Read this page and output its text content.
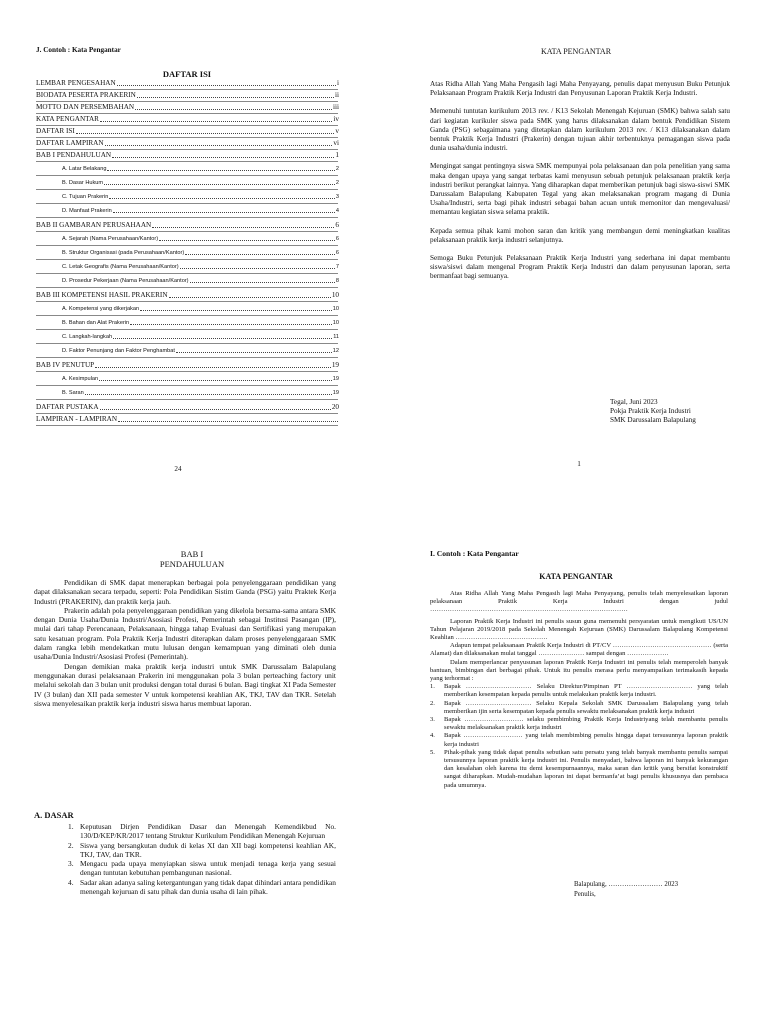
J. Contoh : Kata Pengantar
DAFTAR ISI
LEMBAR PENGESAHAN	i
BIODATA PESERTA PRAKERIN	ii
MOTTO DAN PERSEMBAHAN	iii
KATA PENGANTAR	iv
DAFTAR ISI	v
DAFTAR LAMPIRAN	vi
BAB I PENDAHULUAN	1
A. Latar Belakang	2
B. Dasar Hukum	2
C. Tujuan Prakerin	3
D. Manfaat Prakerin	4
BAB II GAMBARAN PERUSAHAAN	6
A. Sejarah (Nama Perusahaan/Kantor)	6
B. Struktur Organisasi (pada Perusahaan/Kantor)	6
C. Letak Geografis (Nama Perusahaan/Kantor)	7
D. Prosedur Pekerjaan (Nama Perusahaan/Kantor)	8
BAB III KOMPETENSI HASIL PRAKERIN	10
A. Kompetensi yang dikerjakan	10
B. Bahan dan Alat Prakerin	10
C. Langkah-langkah	11
D. Faktor Penunjang dan Faktor Penghambat	12
BAB IV PENUTUP	19
A. Kesimpulan	19
B. Saran	19
DAFTAR PUSTAKA	20
LAMPIRAN - LAMPIRAN
24
KATA PENGANTAR

Atas Ridha Allah Yang Maha Pengasih lagi Maha Penyayang, penulis dapat menyusun Buku Petunjuk Pelaksanaan Program Praktik Kerja Industri dan Penyusunan Laporan Praktik Kerja Industri.

Memenuhi tuntutan kurikulum 2013 rev. / K13 Sekolah Menengah Kejuruan (SMK) bahwa salah satu dari kegiatan kurikuler siswa pada SMK yang harus dilaksanakan dalam bentuk Pendidikan Sistem Ganda (PSG) sebagaimana yang ditetapkan dalam kurikulum 2013 rev. / K13 dilaksanakan dalam bentuk Praktik Kerja Industri (Prakerin) dengan tujuan akhir terbentuknya pemagangan siswa pada dunia usaha/dunia industri.

Mengingat sangat pentingnya siswa SMK mempunyai pola pelaksanaan dan pola penelitian yang sama maka dengan upaya yang sangat terbatas kami menyusun sebuah petunjuk pelaksanaan praktik kerja industri berikut perangkat lainnya. Yang diharapkan dapat memberikan petunjuk bagi siswa-siswi SMK Darussalam Balapulang Kabupaten Tegal yang akan melaksanakan program magang di Dunia Usaha/Industri, serta bagi pihak industri sebagai bahan acuan untuk memonitor dan mengevaluasi/ memantau kegiatan siswa selama praktik.

Kepada semua pihak kami mohon saran dan kritik yang membangun demi meningkatkan kualitas pelaksanaan praktik kerja industri selanjutnya.

Semoga Buku Petunjuk Pelaksanaan Praktik Kerja Industri yang sederhana ini dapat membantu siswa/siswi dalam mengenal Program Praktik Kerja Industri dan dalam penyusunan laporan, serta bermanfaat bagi semuanya.

Tegal, Juni 2023
Pokja Praktik Kerja Industri
SMK Darussalam Balapulang
1
BAB I
PENDAHULUAN

Pendidikan di SMK dapat menerapkan berbagai pola penyelenggaraan pendidikan yang dapat dilaksanakan secara terpadu, seperti: Pola Pendidikan Sistim Ganda (PSG) yaitu Praktek Kerja Industri (PRAKERIN), dan praktik kerja jauh.

Prakerin adalah pola penyelenggaraan pendidikan yang dikelola bersama-sama antara SMK dengan Dunia Usaha/Dunia Industri/Asosiasi Profesi, Pemerintah sebagai Institusi Pasangan (IP), mulai dari tahap Perencanaan, Pelaksanaan, hingga tahap Evaluasi dan Sertifikasi yang merupakan satu kesatuan program. Pola Praktik Kerja Industri diterapkan dalam proses penyelenggaraan SMK dalam rangka lebih mendekatkan mutu lulusan dengan kemampuan yang diminati oleh dunia usaha/Dunia Industri/Asosiasi Profesi (Pemerintah).

Dengan demikian maka praktik kerja industri untuk SMK Darussalam Balapulang menggunakan durasi pelaksanaan Prakerin ini menggunakan pola 3 bulan perteaching factory unit melalui sekolah dan 3 bulan unit produksi dengan total durasi 6 bulan. Bagi tingkat XI Pada Semester IV (3 bulan) dan XII pada semester V untuk kompetensi keahlian AK, TKJ, TAV dan TKR. Setelah siswa menyelesaikan praktik kerja industri siswa harus membuat laporan.

A. DASAR
1. Keputusan Dirjen Pendidikan Dasar dan Menengah Kemendikbud No. 130/D/KEP/KR/2017 tentang Struktur Kurikulum Pendidikan Menengah Kejuruan
2. Siswa yang bersangkutan duduk di kelas XI dan XII bagi kompetensi keahlian AK, TKJ, TAV, dan TKR.
3. Mengacu pada upaya menyiapkan siswa untuk menjadi tenaga kerja yang sesuai dengan tuntutan kebutuhan pembangunan nasional.
4. Sadar akan adanya saling ketergantungan yang tidak dapat dihindari antara pendidikan menengah kejuruan di satu pihak dan dunia usaha di lain pihak.
I. Contoh : Kata Pengantar
KATA PENGANTAR

Atas Ridha Allah Yang Maha Pengasih lagi Maha Penyayang, penulis telah menyelesaikan laporan pelaksanaan Praktik Kerja Industri dengan judul ………………………………………………………………………………

Laporan Praktik Kerja Industri ini penulis susun guna memenuhi persyaratan untuk mengikuti US/UN Tahun Pelajaran 2019/2018 pada Sekolah Menengah Kejuruan (SMK) Darussalam Balapulang Kompetensi Keahlian ……………………………………

Adapun tempat pelaksanaan Praktik Kerja Industri di PT/CV ……………………………………… (serta Alamat) dan dilaksanakan mulai tanggal ………………… sampai dengan ……………….

Dalam memperlancar penyusunan laporan Praktik Kerja Industri ini penulis telah memperoleh banyak bantuan, bimbingan dari berbagai pihak. Untuk itu penulis merasa perlu menyampaikan terimakasih kepada yang terhormat :

1.	Bapak ………………………… Selaku Direktur/Pimpinan PT ………………………… yang telah memberikan kesempatan kepada penulis untuk melakukan praktik kerja industri.
2.	Bapak ………………………… Selaku Kepala Sekolah SMK Darussalam Balapulang yang telah memberikan ijin serta kesempatan kepada penulis sewaktu melaksanakan praktik kerja industri
3.	Bapak ……………………… selaku pembimbing Praktik Kerja Industriyang telah membantu penulis sewaktu melaksanakan praktik kerja industri
4.	Bapak ……………………… yang telah membimbing penulis hingga dapat tersusunnya laporan praktik kerja industri
5.	Pihak-pihak yang tidak dapat penulis sebutkan satu persatu yang telah banyak membantu penulis sampai tersusunnya laporan praktik kerja industri ini. Penulis menyadari, bahwa laporan ini banyak kekurangan dan kesalahan oleh karena itu demi kesempurnaannya, maka saran dan kritik yang bersifat konstruktif sangat diharapkan. Mudah-mudahan laporan ini dapat bermanfa’at bagi penulis khususnya dan pembaca pada umumnya.
Balapulang, …………………… 2023
Penulis,
